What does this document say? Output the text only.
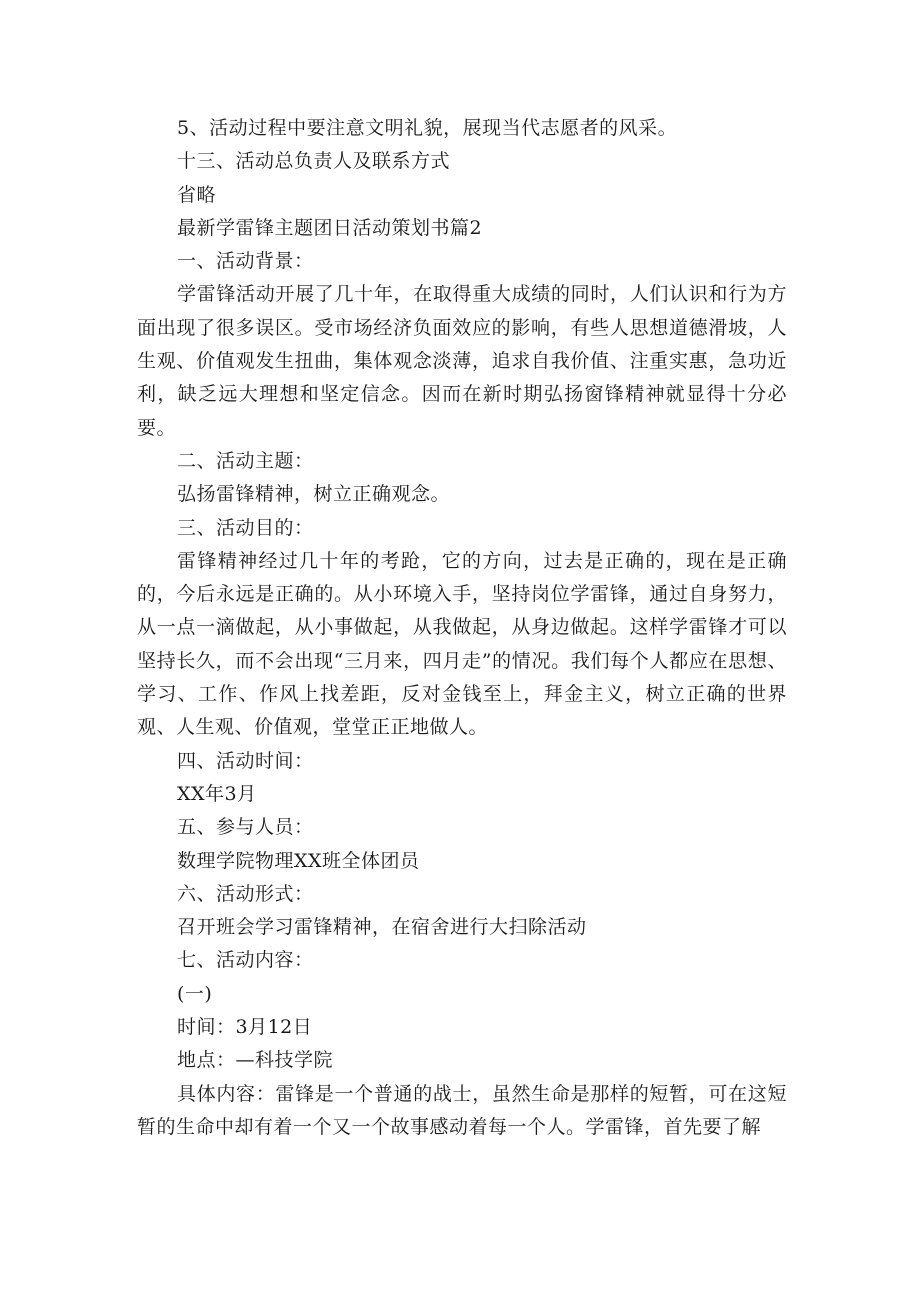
5、活动过程中要注意文明礼貌，展现当代志愿者的风采。
十三、活动总负责人及联系方式
省略
最新学雷锋主题团日活动策划书篇2
一、活动背景：
学雷锋活动开展了几十年，在取得重大成绩的同时，人们认识和行为方面出现了很多误区。受市场经济负面效应的影响，有些人思想道德滑坡，人生观、价值观发生扭曲，集体观念淡薄，追求自我价值、注重实惠，急功近利，缺乏远大理想和坚定信念。因而在新时期弘扬窗锋精神就显得十分必要。
二、活动主题：
弘扬雷锋精神，树立正确观念。
三、活动目的：
雷锋精神经过几十年的考跄，它的方向，过去是正确的，现在是正确的，今后永远是正确的。从小环境入手，坚持岗位学雷锋，通过自身努力，从一点一滴做起，从小事做起，从我做起，从身边做起。这样学雷锋才可以坚持长久，而不会出现“三月来，四月走”的情况。我们每个人都应在思想、学习、工作、作风上找差距，反对金钱至上，拜金主义，树立正确的世界观、人生观、价值观，堂堂正正地做人。
四、活动时间：
XX年3月
五、参与人员：
数理学院物理XX班全体团员
六、活动形式：
召开班会学习雷锋精神，在宿舍进行大扫除活动
七、活动内容：
(一)
时间：3月12日
地点：—科技学院
具体内容：雷锋是一个普通的战士，虽然生命是那样的短暂，可在这短暂的生命中却有着一个又一个故事感动着每一个人。学雷锋，首先要了解
